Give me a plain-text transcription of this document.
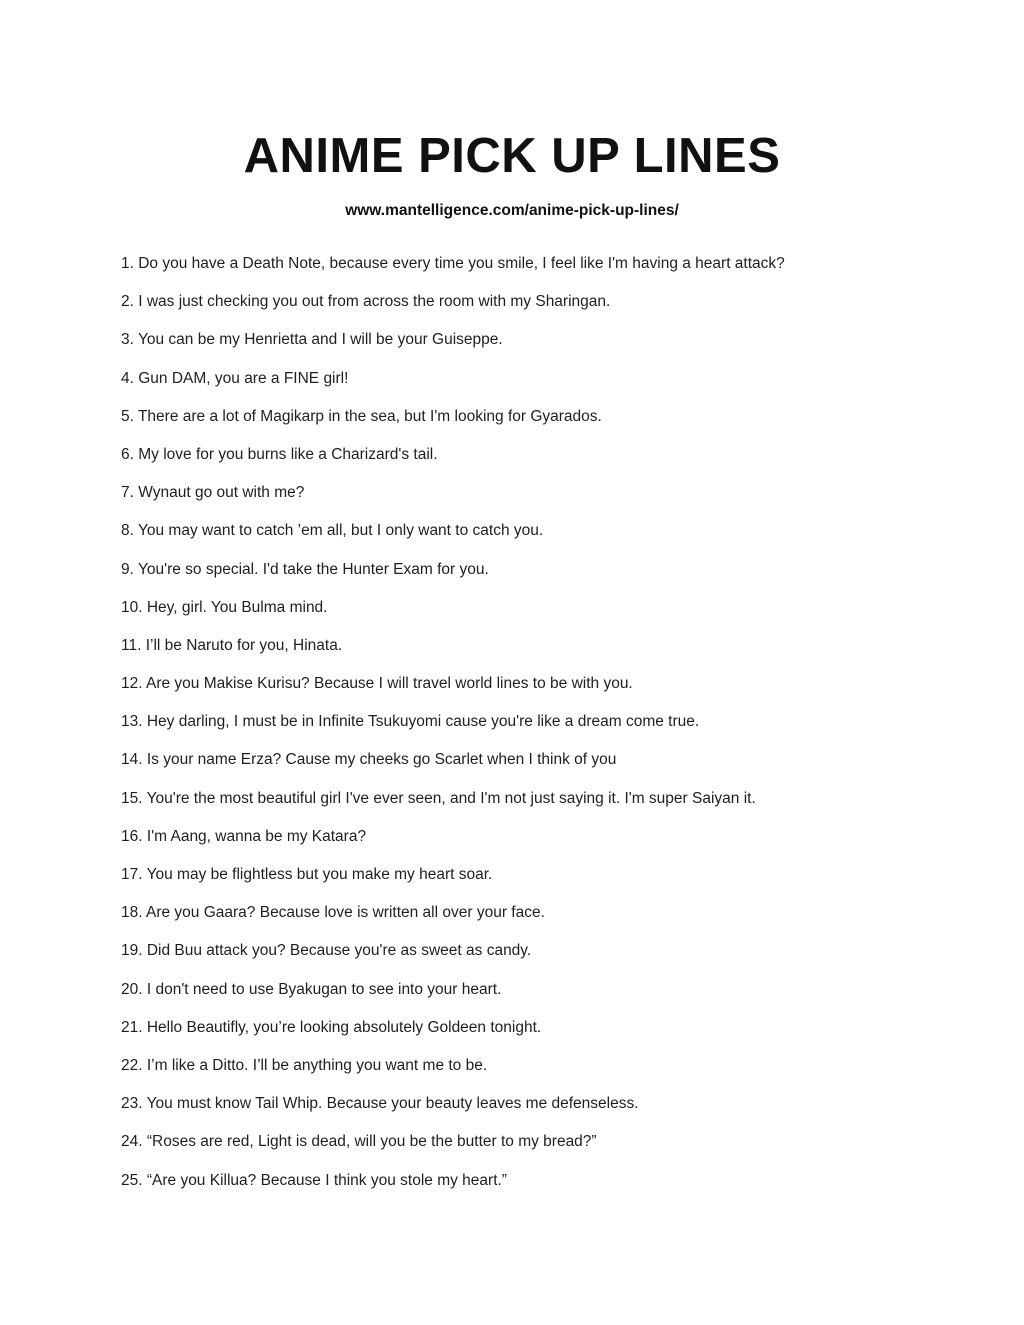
ANIME PICK UP LINES
www.mantelligence.com/anime-pick-up-lines/
1. Do you have a Death Note, because every time you smile, I feel like I'm having a heart attack?
2. I was just checking you out from across the room with my Sharingan.
3. You can be my Henrietta and I will be your Guiseppe.
4. Gun DAM, you are a FINE girl!
5. There are a lot of Magikarp in the sea, but I'm looking for Gyarados.
6. My love for you burns like a Charizard's tail.
7. Wynaut go out with me?
8. You may want to catch ’em all, but I only want to catch you.
9. You're so special. I'd take the Hunter Exam for you.
10. Hey, girl. You Bulma mind.
11. I’ll be Naruto for you, Hinata.
12. Are you Makise Kurisu? Because I will travel world lines to be with you.
13. Hey darling, I must be in Infinite Tsukuyomi cause you're like a dream come true.
14. Is your name Erza? Cause my cheeks go Scarlet when I think of you
15. You're the most beautiful girl I've ever seen, and I'm not just saying it. I'm super Saiyan it.
16. I'm Aang, wanna be my Katara?
17. You may be flightless but you make my heart soar.
18. Are you Gaara? Because love is written all over your face.
19. Did Buu attack you? Because you're as sweet as candy.
20. I don't need to use Byakugan to see into your heart.
21. Hello Beautifly, you’re looking absolutely Goldeen tonight.
22. I’m like a Ditto. I’ll be anything you want me to be.
23. You must know Tail Whip. Because your beauty leaves me defenseless.
24. “Roses are red, Light is dead, will you be the butter to my bread?”
25. “Are you Killua? Because I think you stole my heart.”
